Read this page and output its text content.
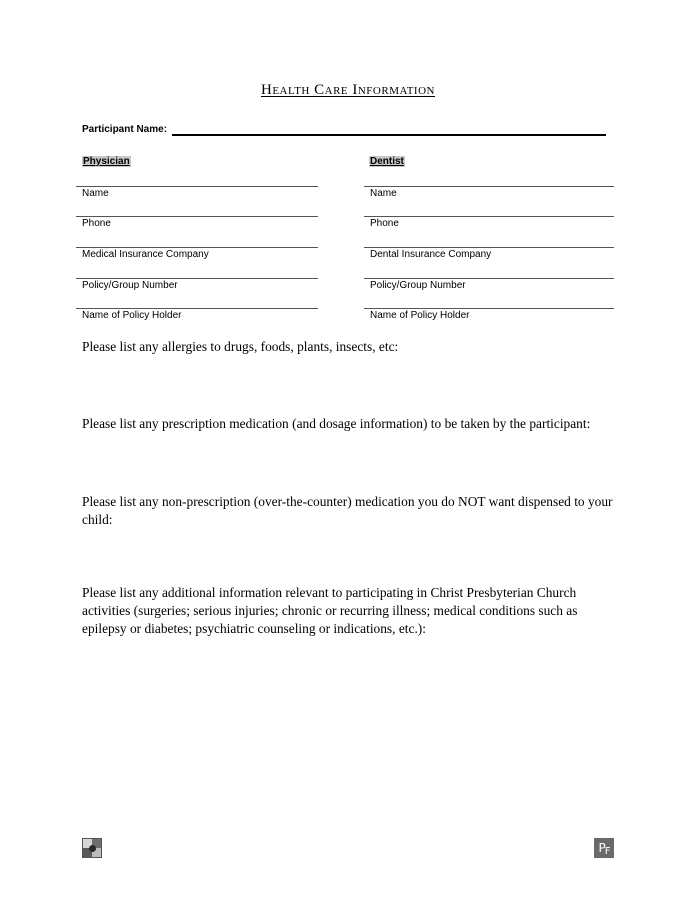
Health Care Information
Participant Name:
Physician
Name
Phone
Medical Insurance Company
Policy/Group Number
Name of Policy Holder
Dentist
Name
Phone
Dental Insurance Company
Policy/Group Number
Name of Policy Holder
Please list any allergies to drugs, foods, plants, insects, etc:
Please list any prescription medication (and dosage information) to be taken by the participant:
Please list any non-prescription (over-the-counter) medication you do NOT want dispensed to your child:
Please list any additional information relevant to participating in Christ Presbyterian Church activities (surgeries; serious injuries; chronic or recurring illness; medical conditions such as epilepsy or diabetes; psychiatric counseling or indications, etc.):
$P_F$
